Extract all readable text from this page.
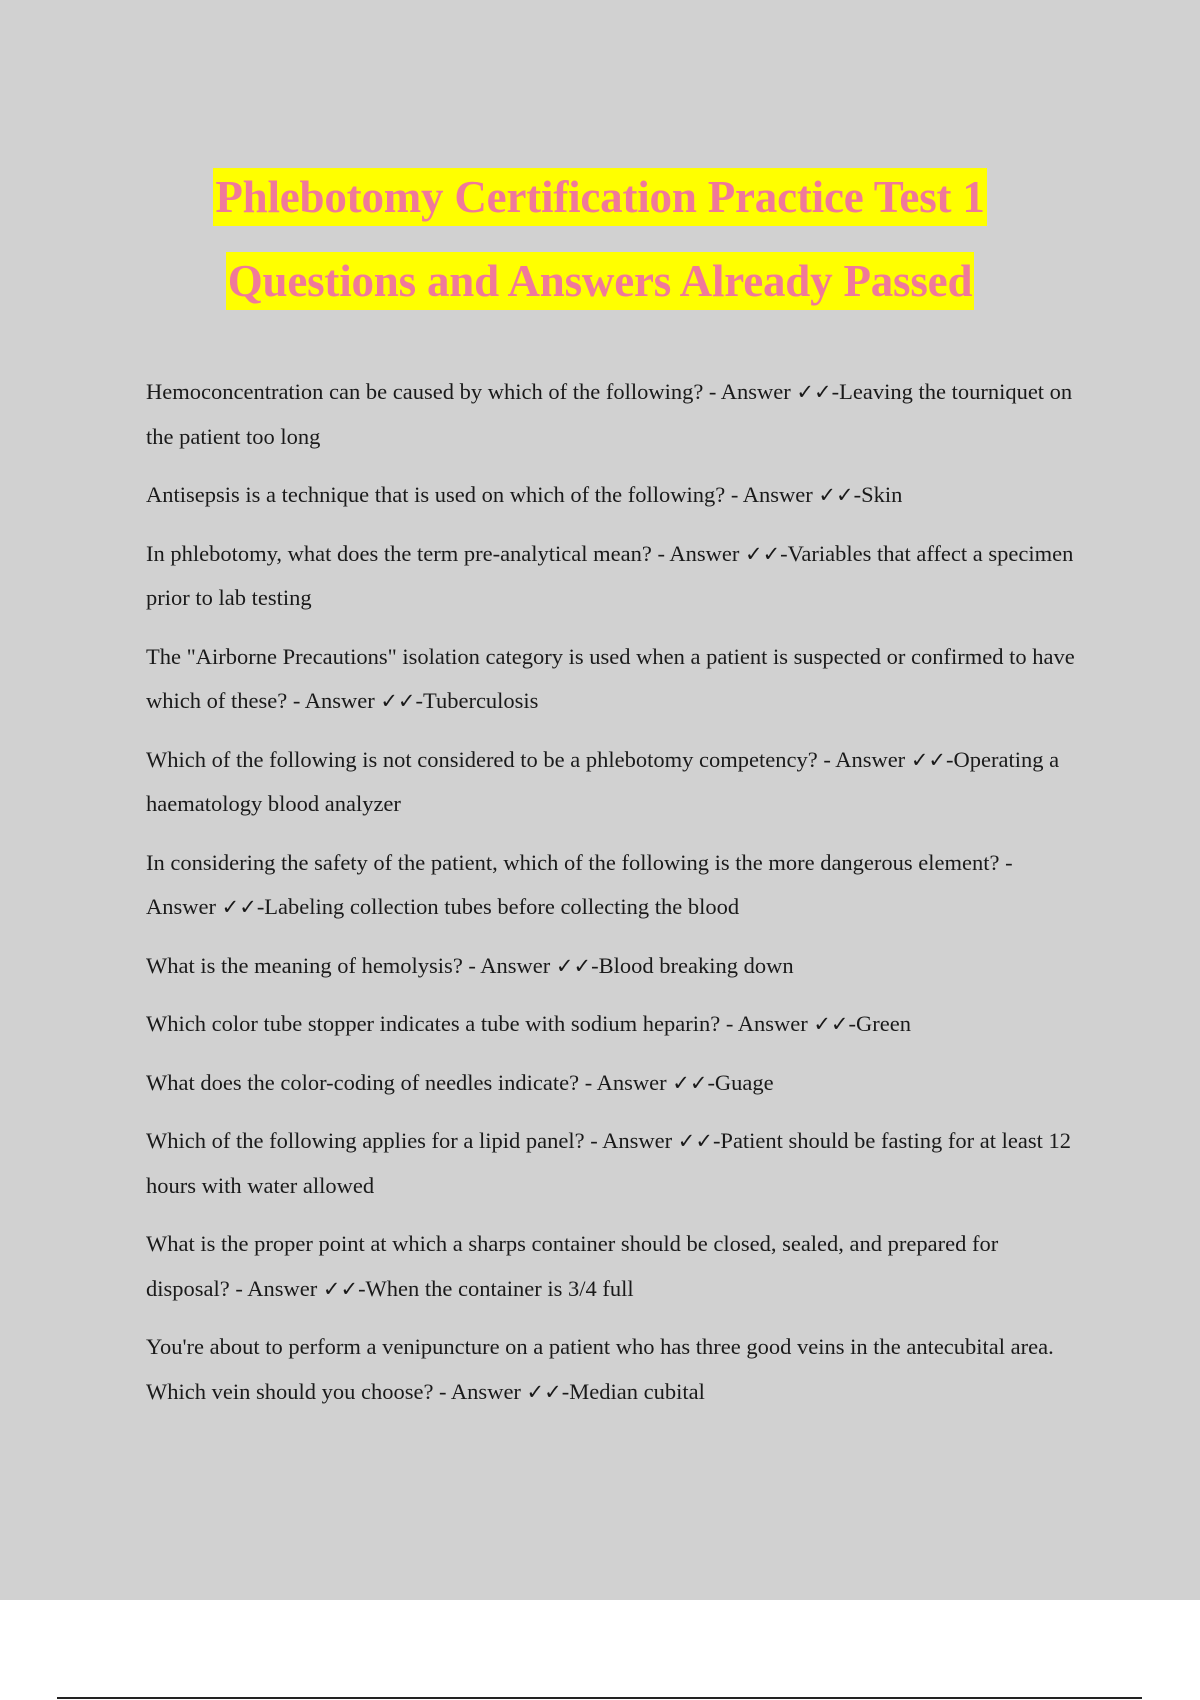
Phlebotomy Certification Practice Test 1
Questions and Answers Already Passed
Hemoconcentration can be caused by which of the following? - Answer ✓✓-Leaving the tourniquet on the patient too long
Antisepsis is a technique that is used on which of the following? - Answer ✓✓-Skin
In phlebotomy, what does the term pre-analytical mean? - Answer ✓✓-Variables that affect a specimen prior to lab testing
The "Airborne Precautions" isolation category is used when a patient is suspected or confirmed to have which of these? - Answer ✓✓-Tuberculosis
Which of the following is not considered to be a phlebotomy competency? - Answer ✓✓-Operating a haematology blood analyzer
In considering the safety of the patient, which of the following is the more dangerous element? - Answer ✓✓-Labeling collection tubes before collecting the blood
What is the meaning of hemolysis? - Answer ✓✓-Blood breaking down
Which color tube stopper indicates a tube with sodium heparin? - Answer ✓✓-Green
What does the color-coding of needles indicate? - Answer ✓✓-Guage
Which of the following applies for a lipid panel? - Answer ✓✓-Patient should be fasting for at least 12 hours with water allowed
What is the proper point at which a sharps container should be closed, sealed, and prepared for disposal? - Answer ✓✓-When the container is 3/4 full
You're about to perform a venipuncture on a patient who has three good veins in the antecubital area. Which vein should you choose? - Answer ✓✓-Median cubital
